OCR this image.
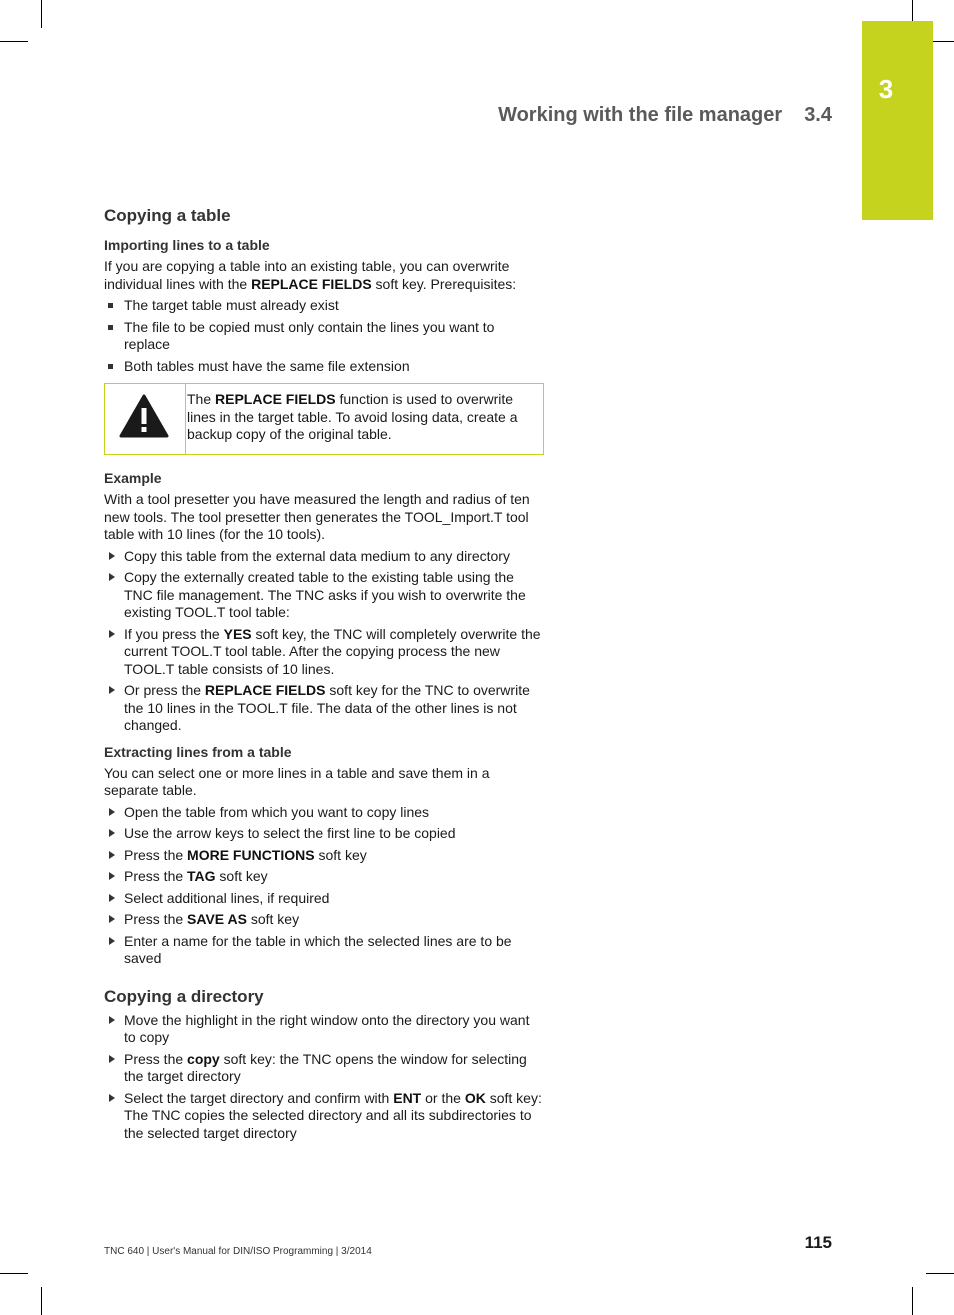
3
Working with the file manager 3.4
Copying a table
Importing lines to a table

If you are copying a table into an existing table, you can overwrite individual lines with the REPLACE FIELDS soft key. Prerequisites:

The target table must already exist
The file to be copied must only contain the lines you want to replace
Both tables must have the same file extension
The REPLACE FIELDS function is used to overwrite lines in the target table. To avoid losing data, create a backup copy of the original table.
Example

With a tool presetter you have measured the length and radius of ten new tools. The tool presetter then generates the TOOL_Import.T tool table with 10 lines (for the 10 tools).

Copy this table from the external data medium to any directory
Copy the externally created table to the existing table using the TNC file management. The TNC asks if you wish to overwrite the existing TOOL.T tool table:
If you press the YES soft key, the TNC will completely overwrite the current TOOL.T tool table. After the copying process the new TOOL.T table consists of 10 lines.
Or press the REPLACE FIELDS soft key for the TNC to overwrite the 10 lines in the TOOL.T file. The data of the other lines is not changed.
Extracting lines from a table

You can select one or more lines in a table and save them in a separate table.

Open the table from which you want to copy lines
Use the arrow keys to select the first line to be copied
Press the MORE FUNCTIONS soft key
Press the TAG soft key
Select additional lines, if required
Press the SAVE AS soft key
Enter a name for the table in which the selected lines are to be saved
Copying a directory
Move the highlight in the right window onto the directory you want to copy
Press the copy soft key: the TNC opens the window for selecting the target directory
Select the target directory and confirm with ENT or the OK soft key: The TNC copies the selected directory and all its subdirectories to the selected target directory
TNC 640 | User's Manual for DIN/ISO Programming | 3/2014	115
